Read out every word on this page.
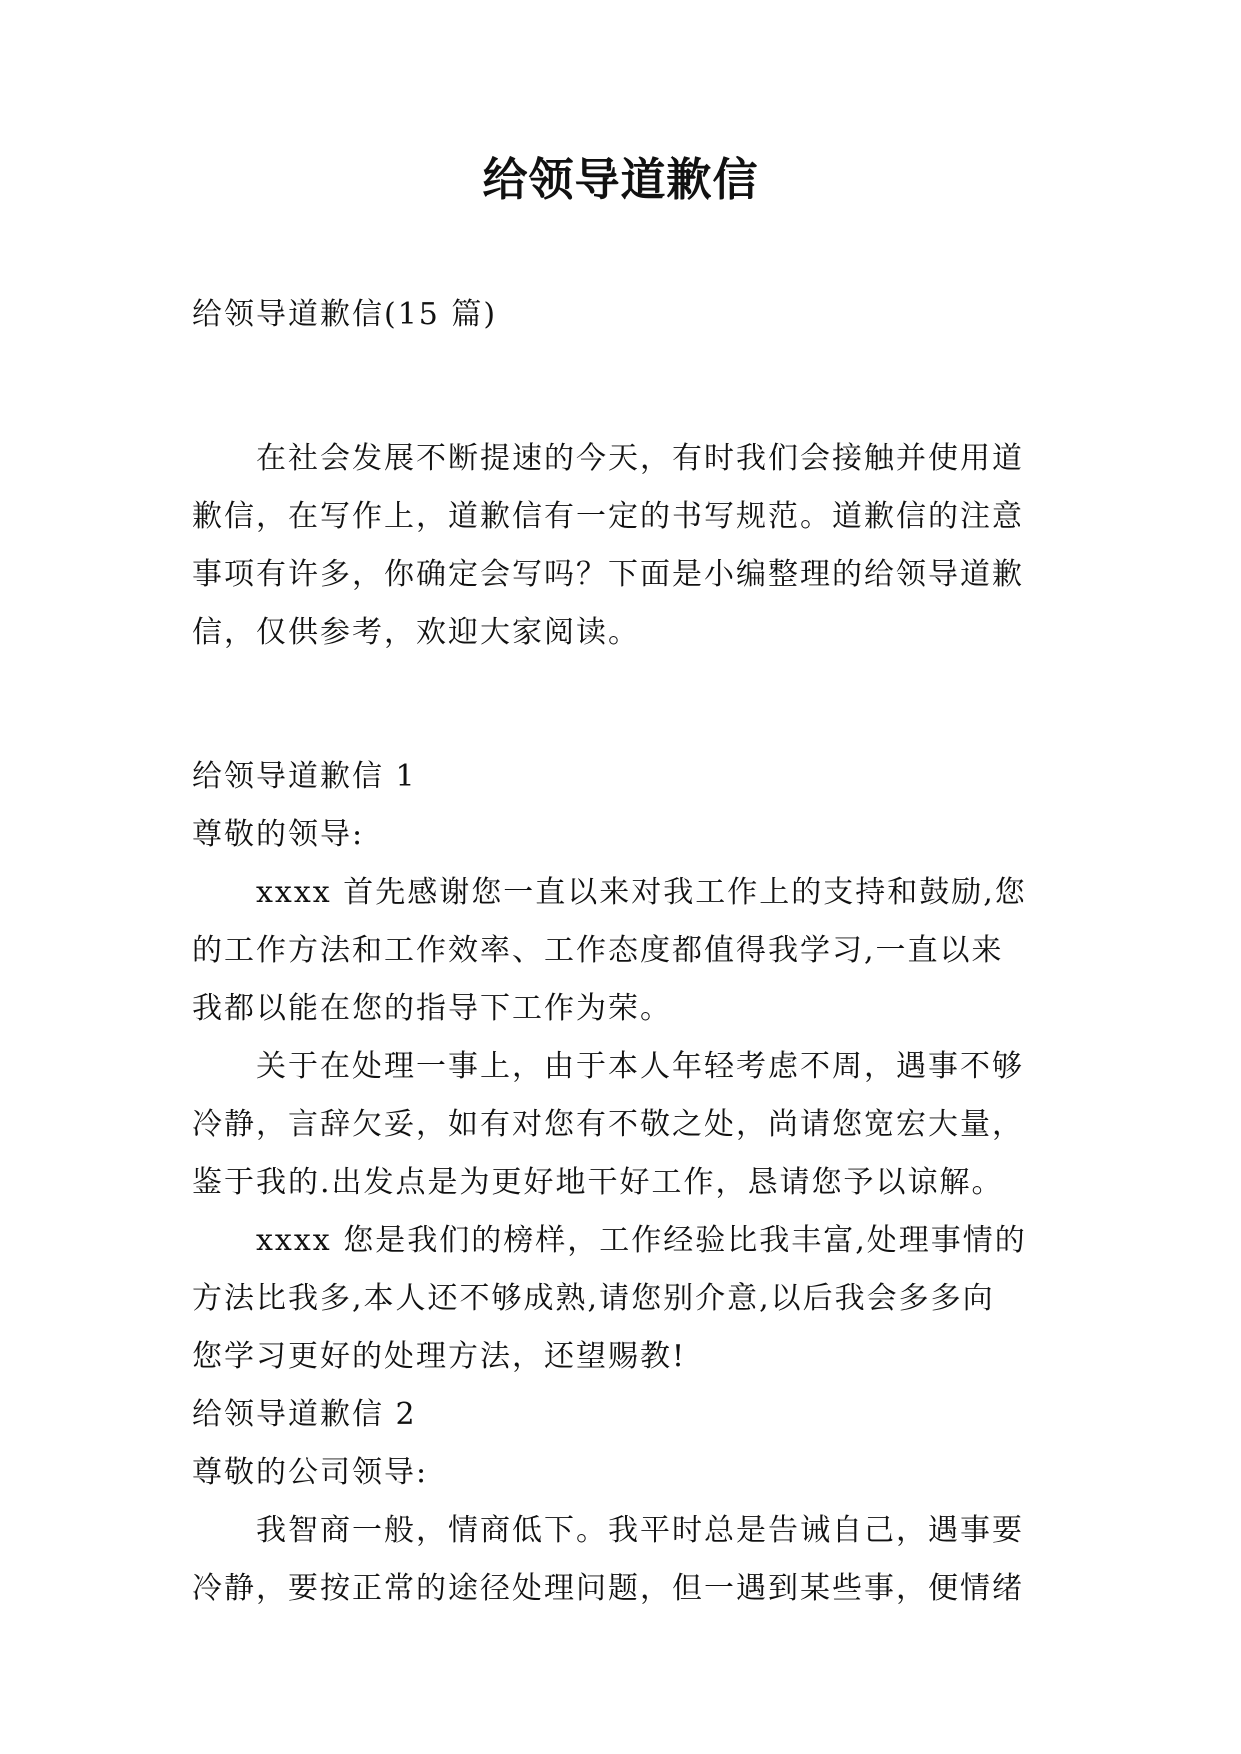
给领导道歉信
给领导道歉信(15 篇)
在社会发展不断提速的今天，有时我们会接触并使用道
歉信，在写作上，道歉信有一定的书写规范。道歉信的注意
事项有许多，你确定会写吗？下面是小编整理的给领导道歉
信，仅供参考，欢迎大家阅读。
给领导道歉信 1
尊敬的领导:
xxxx 首先感谢您一直以来对我工作上的支持和鼓励,您
的工作方法和工作效率、工作态度都值得我学习,一直以来
我都以能在您的指导下工作为荣。
关于在处理一事上，由于本人年轻考虑不周，遇事不够
冷静，言辞欠妥，如有对您有不敬之处，尚请您宽宏大量，
鉴于我的.出发点是为更好地干好工作，恳请您予以谅解。
xxxx 您是我们的榜样，工作经验比我丰富,处理事情的
方法比我多,本人还不够成熟,请您别介意,以后我会多多向
您学习更好的处理方法，还望赐教!
给领导道歉信 2
尊敬的公司领导:
我智商一般，情商低下。我平时总是告诫自己，遇事要
冷静，要按正常的途径处理问题，但一遇到某些事，便情绪
